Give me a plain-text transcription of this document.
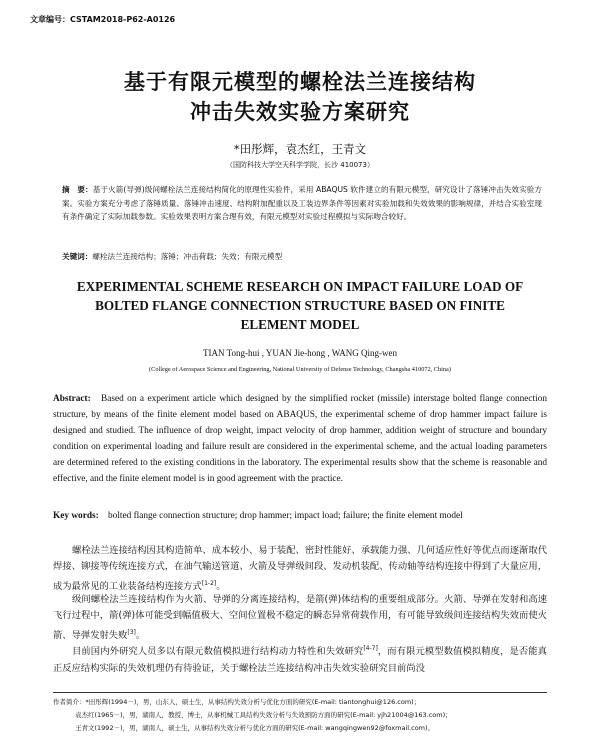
文章编号：CSTAM2018-P62-A0126
基于有限元模型的螺栓法兰连接结构
冲击失效实验方案研究
*田彤辉，袁杰红，王青文
（国防科技大学空天科学学院，长沙 410073）
摘　要：基于火箭(导弹)级间螺栓法兰连接结构简化的原理性实验件，采用 ABAQUS 软件建立的有限元模型，研究设计了落锤冲击失效实验方案。实验方案充分考虑了落锤质量、落锤冲击速度、结构附加配重以及工装边界条件等因素对实验加载和失效效果的影响规律，并结合实验室现有条件确定了实际加载参数。实验效果表明方案合理有效，有限元模型对实验过程模拟与实际吻合较好。
关键词：螺栓法兰连接结构；落锤；冲击荷载；失效；有限元模型
EXPERIMENTAL SCHEME RESEARCH ON IMPACT FAILURE LOAD OF
BOLTED FLANGE CONNECTION STRUCTURE BASED ON FINITE
ELEMENT MODEL
TIAN Tong-hui , YUAN Jie-hong , WANG Qing-wen
(College of Aerospace Science and Engineering, National University of Defense Technology, Changsha 410072, China)
Abstract: Based on a experiment article which designed by the simplified rocket (missile) interstage bolted flange connection structure, by means of the finite element model based on ABAQUS, the experimental scheme of drop hammer impact failure is designed and studied. The influence of drop weight, impact velocity of drop hammer, addition weight of structure and boundary condition on experimental loading and failure result are considered in the experimental scheme, and the actual loading parameters are determined refered to the existing conditions in the laboratory. The experimental results show that the scheme is reasonable and effective, and the finite element model is in good agreement with the practice.
Key words: bolted flange connection structure; drop hammer; impact load; failure; the finite element model
螺栓法兰连接结构因其构造简单、成本较小、易于装配、密封性能好、承载能力强、几何适应性好等优点而逐渐取代焊接、铆接等传统连接方式，在油气输送管道、火箭及导弹级间段、发动机装配、传动轴等结构连接中得到了大量应用，成为最常见的工业装备结构连接方式[1-2]。
级间螺栓法兰连接结构作为火箭、导弹的分离连接结构，是箭(弹)体结构的重要组成部分。火箭、导弹在发射和高速飞行过程中，箭(弹)体可能受到幅值极大、空间位置极不稳定的瞬态异常荷载作用，有可能导致级间连接结构失效而使火箭、导弹发射失败[3]。
目前国内外研究人员多以有限元数值模拟进行结构动力特性和失效研究[4-7]，而有限元模型数值模拟精度，是否能真正反应结构实际的失效机理仍有待验证，关于螺栓法兰连接结构冲击失效实验研究目前尚没
作者简介：*田彤辉(1994－)，男，山东人，硕士生，从事结构失效分析与优化方面的研究(E-mail: tiantonghui@126.com)；
袁杰红(1965－)，男，湖南人，教授，博士，从事机械工具结构失效分析与失效预防方面的研究(E-mail: yjh21004@163.com)；
王青文(1992－)，男，湖南人，硕士生，从事结构失效分析与优化方面的研究(E-mail: wangqingwen92@foxmail.com)。
